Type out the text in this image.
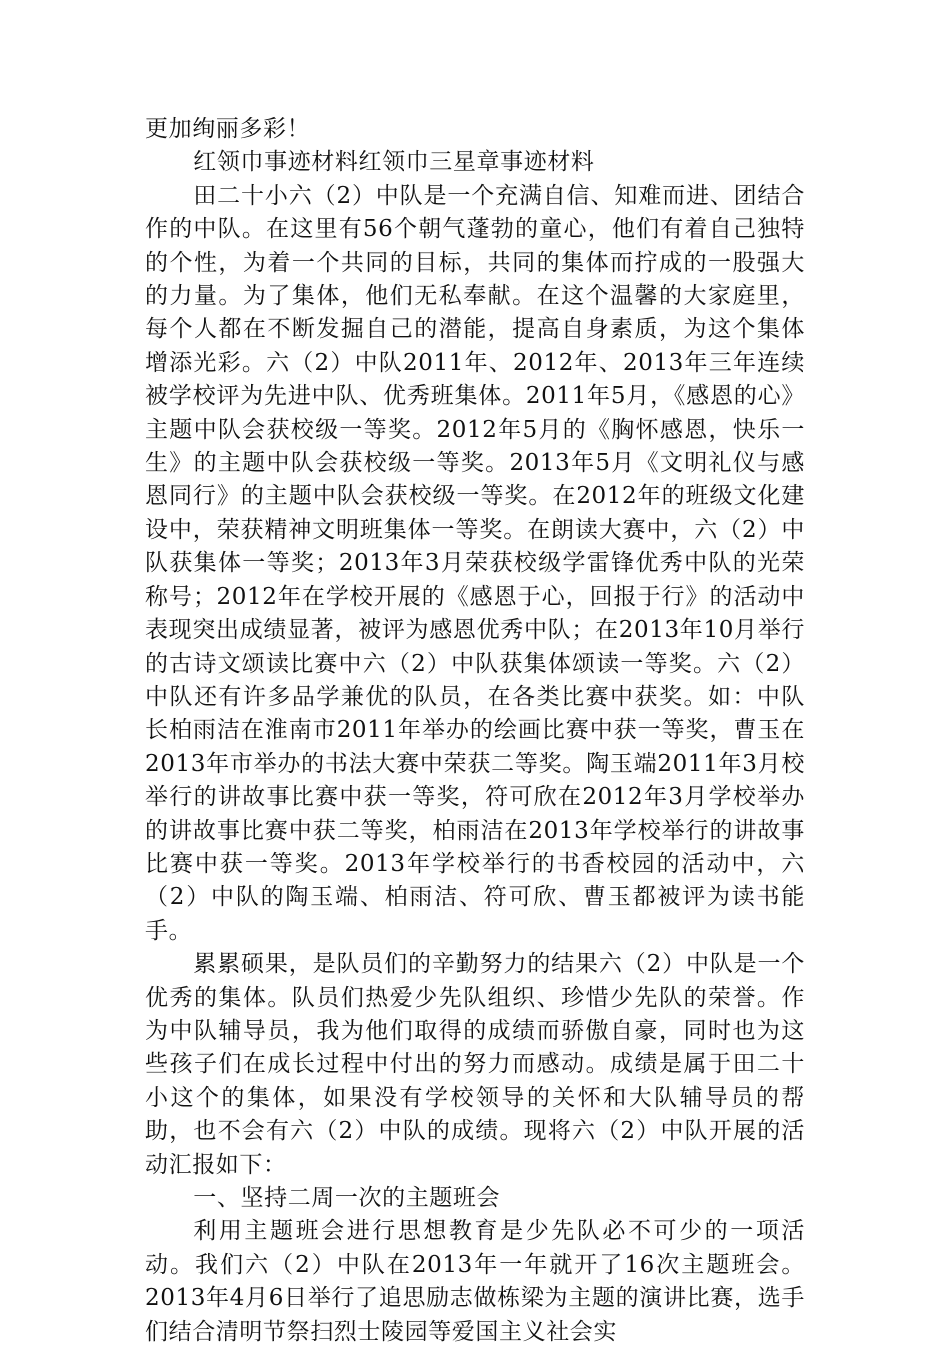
更加绚丽多彩！

红领巾事迹材料红领巾三星章事迹材料

田二十小六（2）中队是一个充满自信、知难而进、团结合作的中队。在这里有56个朝气蓬勃的童心，他们有着自己独特的个性，为着一个共同的目标，共同的集体而拧成的一股强大的力量。为了集体，他们无私奉献。在这个温馨的大家庭里，每个人都在不断发掘自己的潜能，提高自身素质，为这个集体增添光彩。六（2）中队2011年、2012年、2013年三年连续被学校评为先进中队、优秀班集体。2011年5月，《感恩的心》主题中队会获校级一等奖。2012年5月的《胸怀感恩，快乐一生》的主题中队会获校级一等奖。2013年5月《文明礼仪与感恩同行》的主题中队会获校级一等奖。在2012年的班级文化建设中，荣获精神文明班集体一等奖。在朗读大赛中，六（2）中队获集体一等奖；2013年3月荣获校级学雷锋优秀中队的光荣称号；2012年在学校开展的《感恩于心，回报于行》的活动中表现突出成绩显著，被评为感恩优秀中队；在2013年10月举行的古诗文颂读比赛中六（2）中队获集体颂读一等奖。六（2）中队还有许多品学兼优的队员，在各类比赛中获奖。如：中队长柏雨洁在淮南市2011年举办的绘画比赛中获一等奖，曹玉在2013年市举办的书法大赛中荣获二等奖。陶玉端2011年3月校举行的讲故事比赛中获一等奖，符可欣在2012年3月学校举办的讲故事比赛中获二等奖，柏雨洁在2013年学校举行的讲故事比赛中获一等奖。2013年学校举行的书香校园的活动中，六（2）中队的陶玉端、柏雨洁、符可欣、曹玉都被评为读书能手。

累累硕果，是队员们的辛勤努力的结果六（2）中队是一个优秀的集体。队员们热爱少先队组织、珍惜少先队的荣誉。作为中队辅导员，我为他们取得的成绩而骄傲自豪，同时也为这些孩子们在成长过程中付出的努力而感动。成绩是属于田二十小这个的集体，如果没有学校领导的关怀和大队辅导员的帮助，也不会有六（2）中队的成绩。现将六（2）中队开展的活动汇报如下：

一、坚持二周一次的主题班会

利用主题班会进行思想教育是少先队必不可少的一项活动。我们六（2）中队在2013年一年就开了16次主题班会。2013年4月6日举行了追思励志做栋梁为主题的演讲比赛，选手们结合清明节祭扫烈士陵园等爱国主义社会实
